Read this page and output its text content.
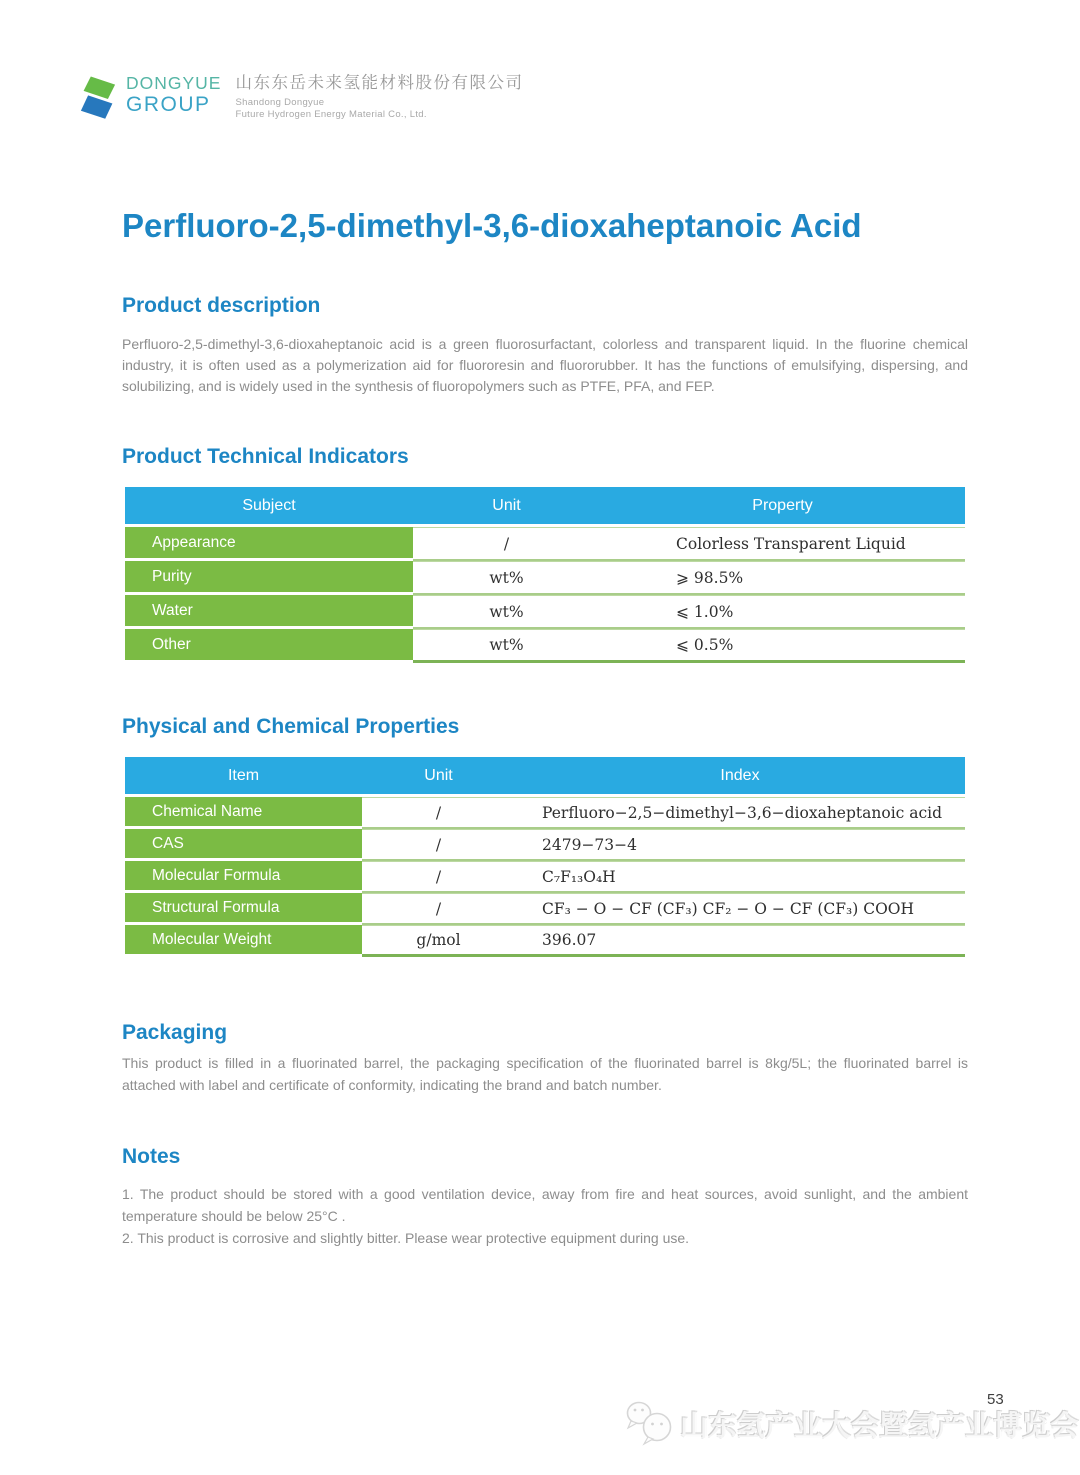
DONGYUE
GROUP
山东东岳未来氢能材料股份有限公司
Shandong Dongyue
Future Hydrogen Energy Material Co., Ltd.
Perfluoro-2,5-dimethyl-3,6-dioxaheptanoic Acid
Product description
Perfluoro-2,5-dimethyl-3,6-dioxaheptanoic acid is a green fluorosurfactant, colorless and transparent liquid. In the fluorine chemical industry, it is often used as a polymerization aid for fluororesin and fluororubber. It has the functions of emulsifying, dispersing, and solubilizing, and is widely used in the synthesis of fluoropolymers such as PTFE, PFA, and FEP.
Product Technical Indicators
Subject	Unit	Property
Appearance	/	Colorless Transparent Liquid
Purity	wt%	⩾ 98.5%
Water	wt%	⩽ 1.0%
Other	wt%	⩽ 0.5%
Physical and Chemical Properties
Item	Unit	Index
Chemical Name	/	Perfluoro−2,5−dimethyl−3,6−dioxaheptanoic acid
CAS	/	2479−73−4
Molecular Formula	/	C₇F₁₃O₄H
Structural Formula	/	CF₃ − O − CF (CF₃) CF₂ − O − CF (CF₃) COOH
Molecular Weight	g/mol	396.07
Packaging
This product is filled in a fluorinated barrel, the packaging specification of the fluorinated barrel is 8kg/5L; the fluorinated barrel is attached with label and certificate of conformity, indicating the brand and batch number.
Notes

1. The product should be stored with a good ventilation device, away from fire and heat sources, avoid sunlight, and the ambient temperature should be below 25°C .

2. This product is corrosive and slightly bitter. Please wear protective equipment during use.

山东氢产业大会暨氢产业博览会
53
